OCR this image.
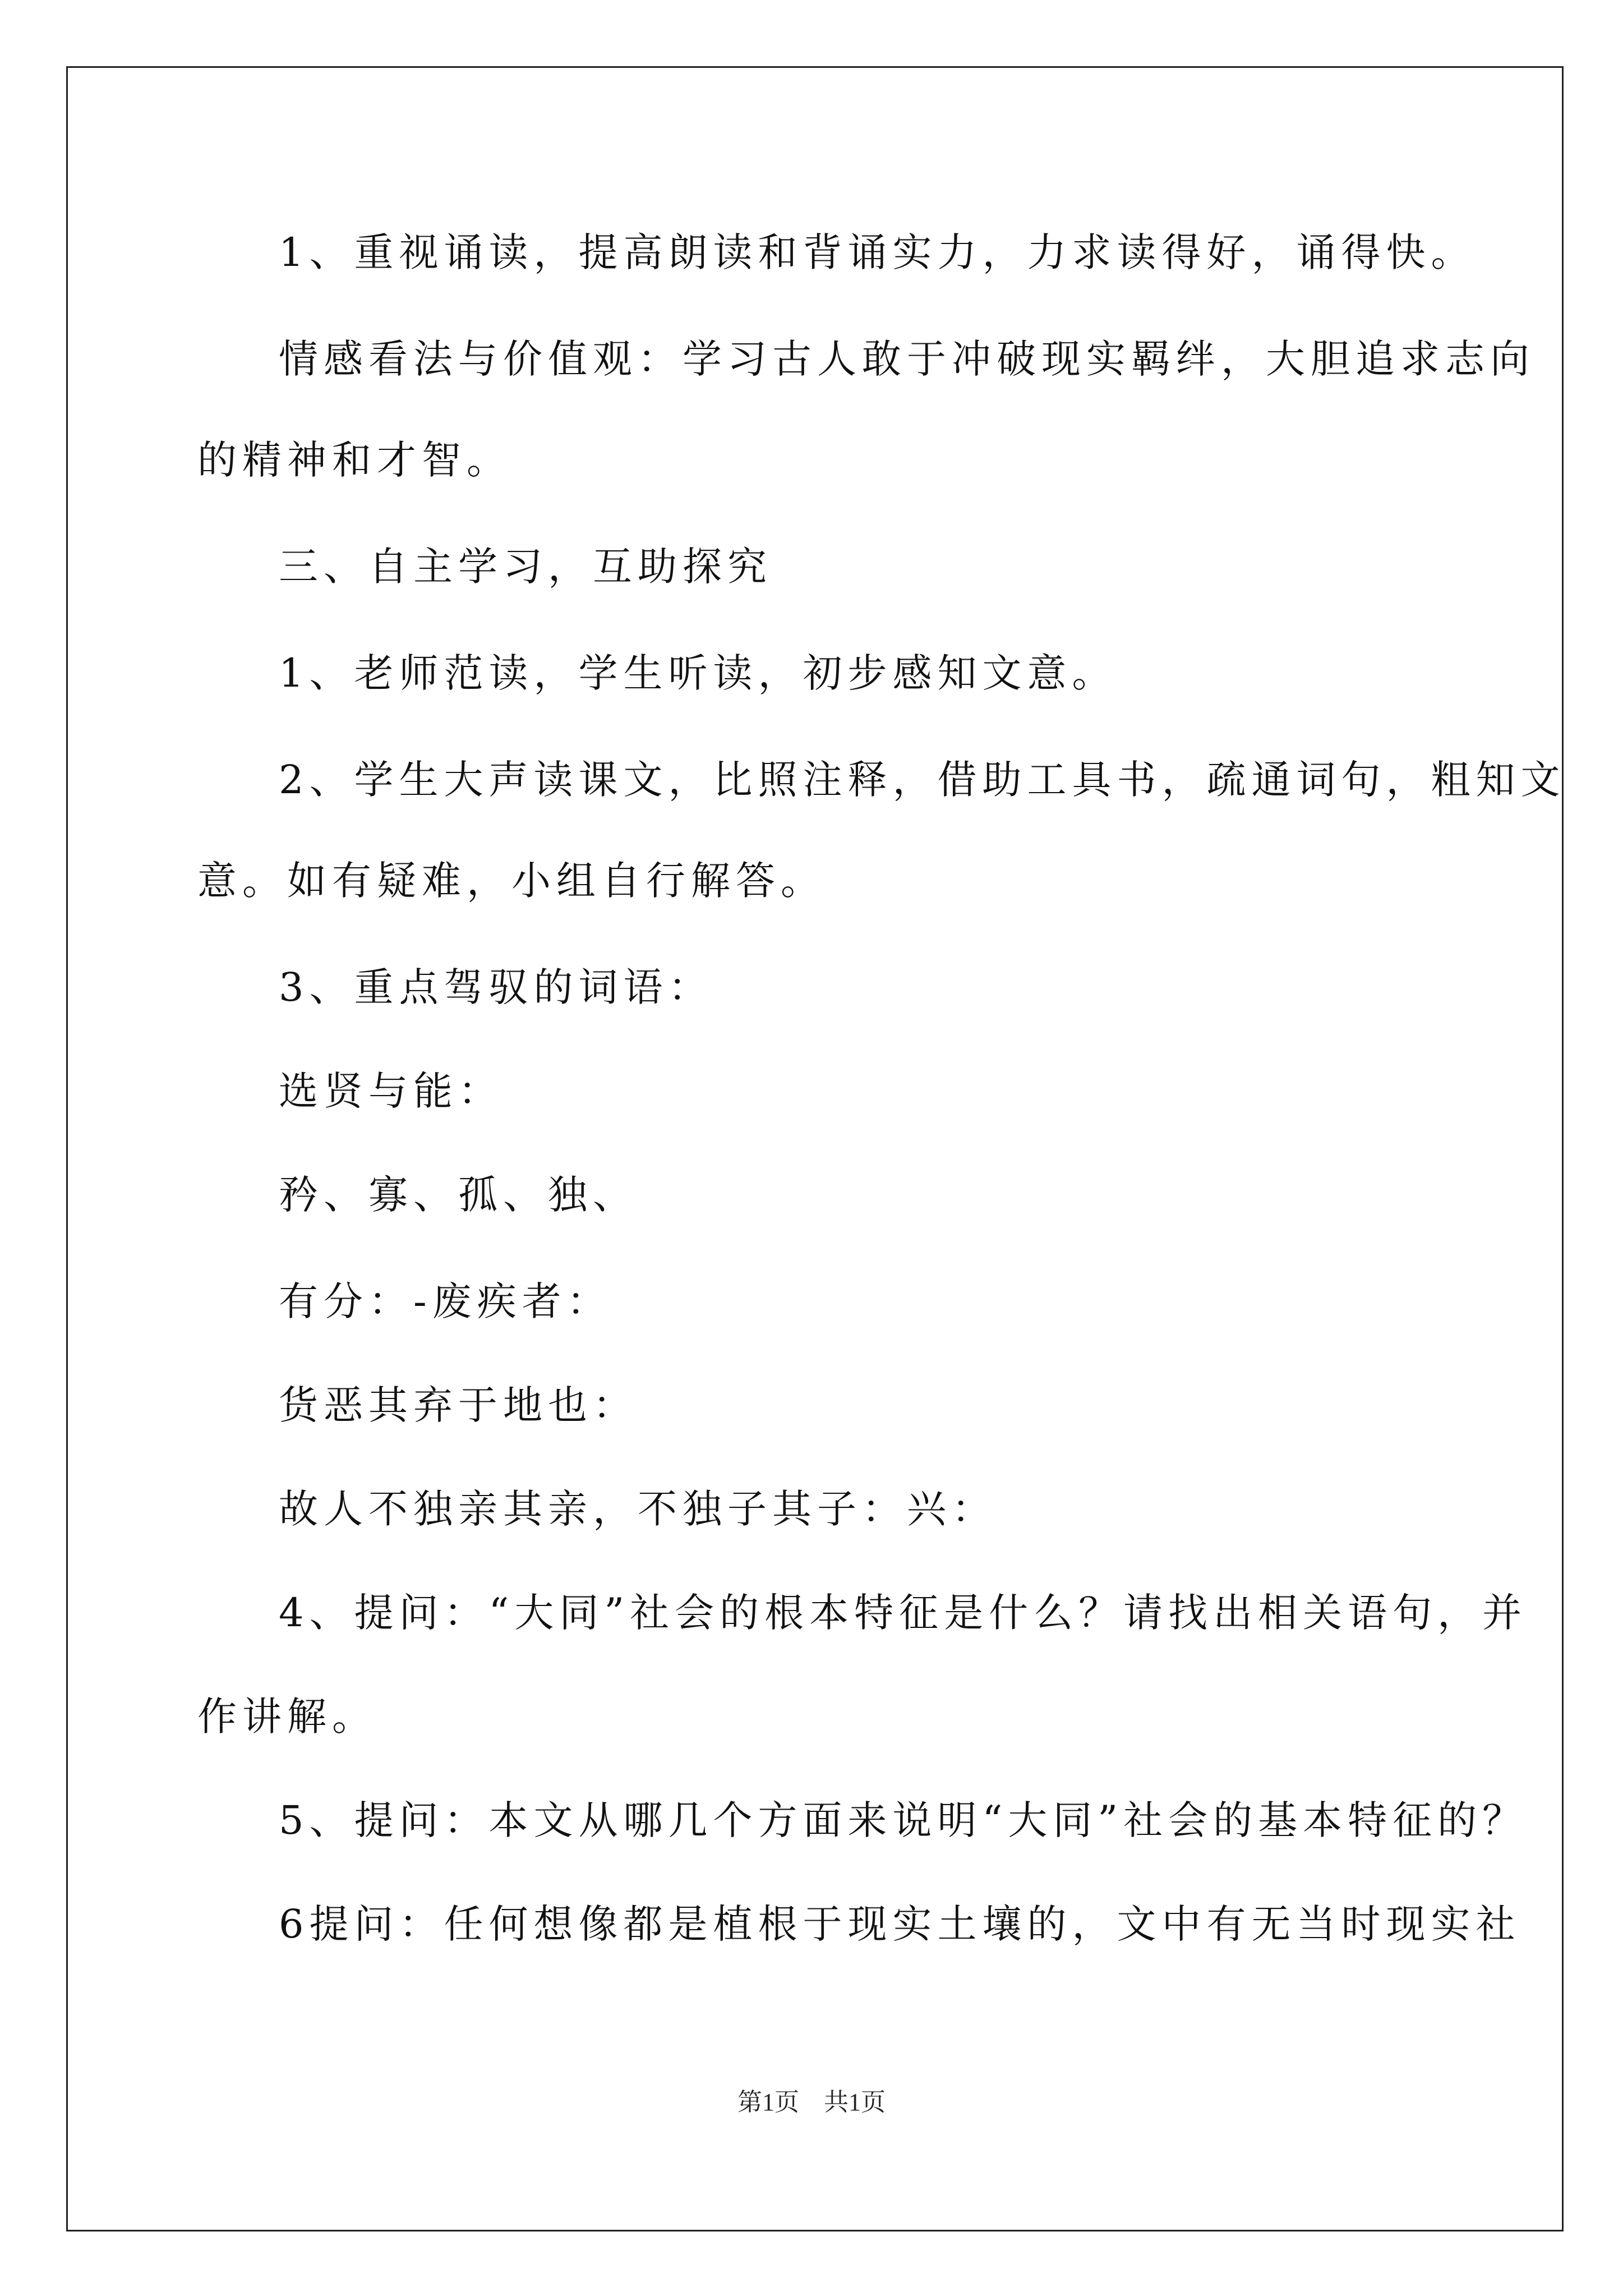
1、重视诵读，提高朗读和背诵实力，力求读得好，诵得快。
情感看法与价值观：学习古人敢于冲破现实羁绊，大胆追求志向
的精神和才智。
三、自主学习，互助探究
1、老师范读，学生听读，初步感知文意。
2、学生大声读课文，比照注释，借助工具书，疏通词句，粗知文
意。如有疑难，小组自行解答。
3、重点驾驭的词语：
选贤与能：
矜、寡、孤、独、
有分：-废疾者：
货恶其弃于地也：
故人不独亲其亲，不独子其子：兴：
4、提问：“大同”社会的根本特征是什么？请找出相关语句，并
作讲解。
5、提问：本文从哪几个方面来说明“大同”社会的基本特征的？
6提问：任何想像都是植根于现实土壤的，文中有无当时现实社
第1页　共1页
